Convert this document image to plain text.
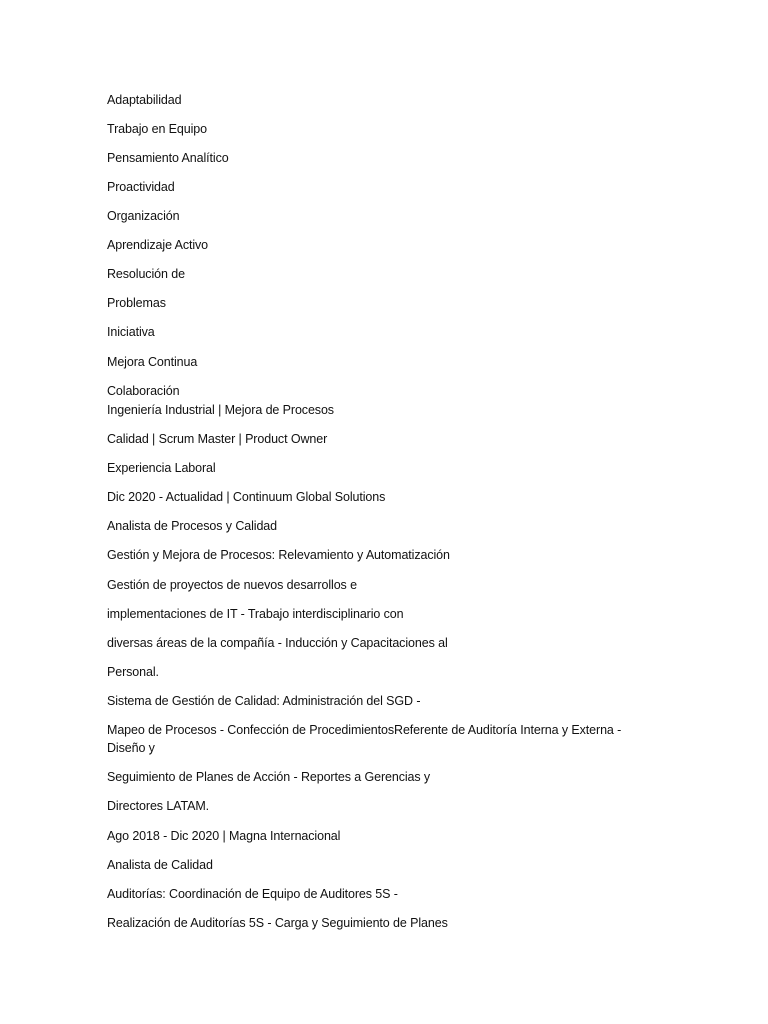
Adaptabilidad
Trabajo en Equipo
Pensamiento Analítico
Proactividad
Organización
Aprendizaje Activo
Resolución de
Problemas
Iniciativa
Mejora Continua
Colaboración
Ingeniería Industrial | Mejora de Procesos
Calidad | Scrum Master | Product Owner
Experiencia Laboral
Dic 2020 - Actualidad | Continuum Global Solutions
Analista de Procesos y Calidad
Gestión y Mejora de Procesos: Relevamiento y Automatización
Gestión de proyectos de nuevos desarrollos e
implementaciones de IT - Trabajo interdisciplinario con
diversas áreas de la compañía - Inducción y Capacitaciones al
Personal.
Sistema de Gestión de Calidad: Administración del SGD -
Mapeo de Procesos - Confección de ProcedimientosReferente de Auditoría Interna y Externa -
Diseño y
Seguimiento de Planes de Acción - Reportes a Gerencias y
Directores LATAM.
Ago 2018 - Dic 2020 | Magna Internacional
Analista de Calidad
Auditorías: Coordinación de Equipo de Auditores 5S -
Realización de Auditorías 5S - Carga y Seguimiento de Planes
